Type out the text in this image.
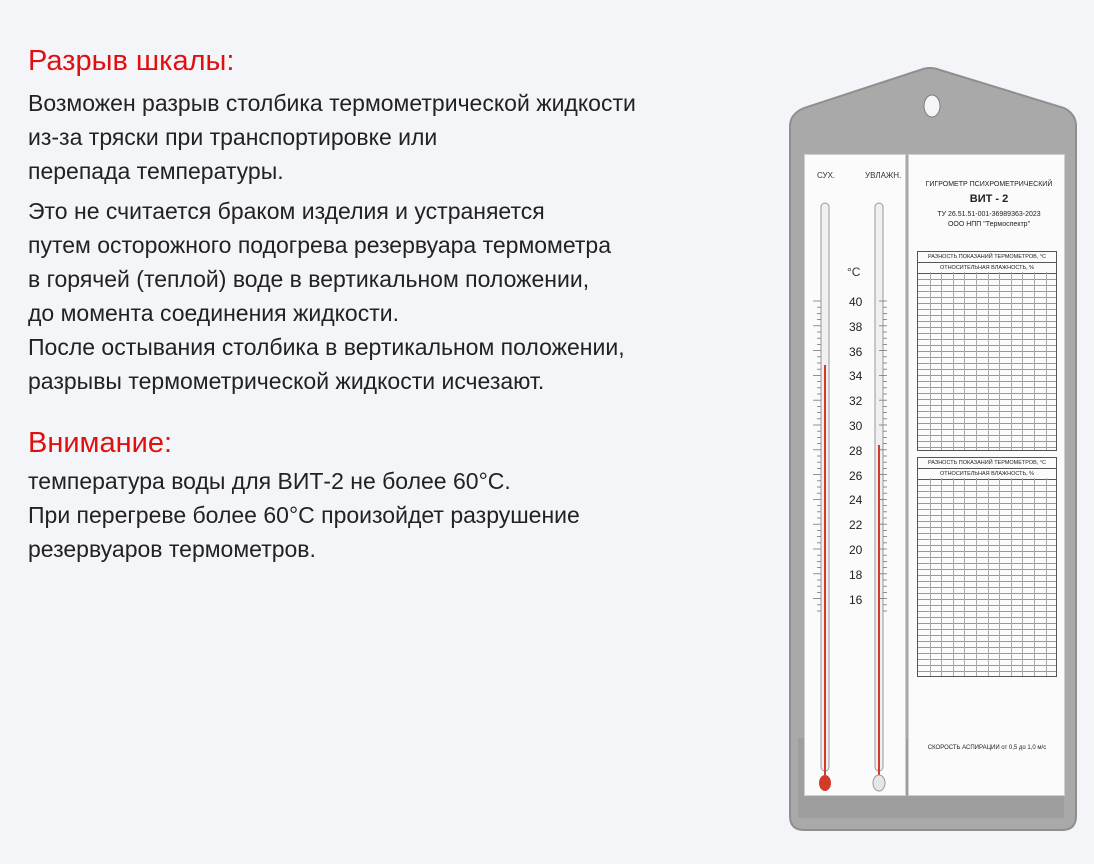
Разрыв шкалы:

Возможен разрыв столбика термометрической жидкости

из-за тряски при транспортировке или

перепада температуры.

Это не считается браком изделия и устраняется

путем осторожного подогрева резервуара термометра

в горячей (теплой) воде в вертикальном положении,

до момента соединения жидкости.

После остывания столбика в вертикальном положении,

разрывы термометрической жидкости исчезают.

Внимание:

температура воды для ВИТ-2 не более 60°С.

При перегреве более 60°С произойдет разрушение

резервуаров термометров.

СУХ.	УВЛАЖН.
°C
40
38
36
34
32
30
28
26
24
22
20
18
16
ГИГРОМЕТР ПСИХРОМЕТРИЧЕСКИЙ
ВИТ - 2
ТУ 26.51.51-001-36989363-2023
ООО НПП "Термоспектр"
РАЗНОСТЬ ПОКАЗАНИЙ ТЕРМОМЕТРОВ, °С
ОТНОСИТЕЛЬНАЯ ВЛАЖНОСТЬ, %
РАЗНОСТЬ ПОКАЗАНИЙ ТЕРМОМЕТРОВ, °С
ОТНОСИТЕЛЬНАЯ ВЛАЖНОСТЬ, %
СКОРОСТЬ АСПИРАЦИИ от 0,5 до 1,0 м/с
